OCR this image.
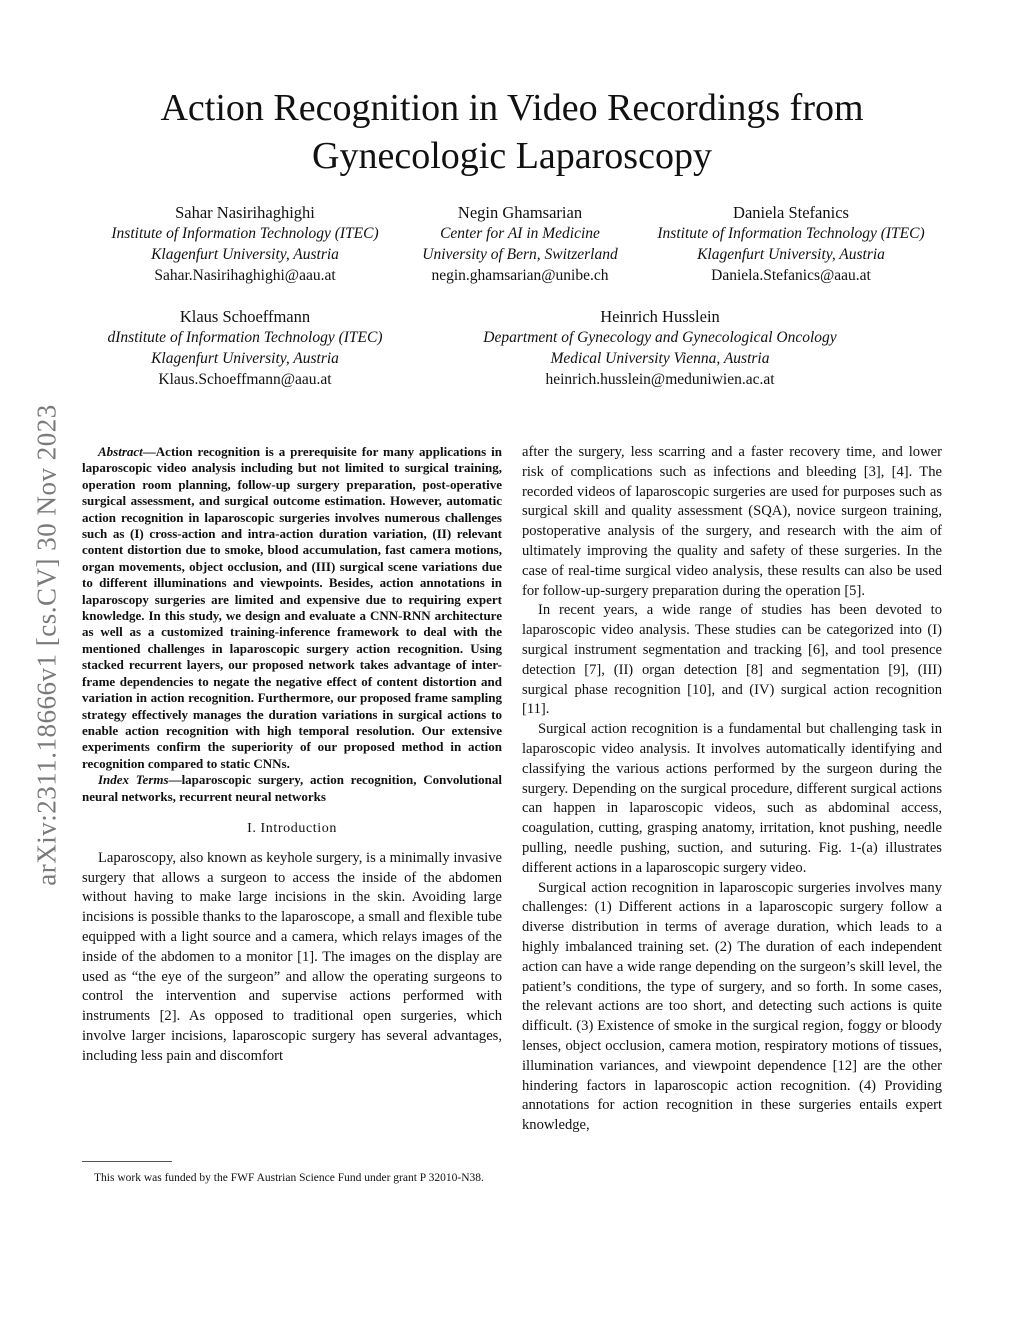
arXiv:2311.18666v1 [cs.CV] 30 Nov 2023
Action Recognition in Video Recordings from Gynecologic Laparoscopy
Sahar Nasirihaghighi
Institute of Information Technology (ITEC)
Klagenfurt University, Austria
Sahar.Nasirihaghighi@aau.at
Negin Ghamsarian
Center for AI in Medicine
University of Bern, Switzerland
negin.ghamsarian@unibe.ch
Daniela Stefanics
Institute of Information Technology (ITEC)
Klagenfurt University, Austria
Daniela.Stefanics@aau.at
Klaus Schoeffmann
dInstitute of Information Technology (ITEC)
Klagenfurt University, Austria
Klaus.Schoeffmann@aau.at
Heinrich Husslein
Department of Gynecology and Gynecological Oncology
Medical University Vienna, Austria
heinrich.husslein@meduniwien.ac.at

Abstract—Action recognition is a prerequisite for many applications in laparoscopic video analysis including but not limited to surgical training, operation room planning, follow-up surgery preparation, post-operative surgical assessment, and surgical outcome estimation. However, automatic action recognition in laparoscopic surgeries involves numerous challenges such as (I) cross-action and intra-action duration variation, (II) relevant content distortion due to smoke, blood accumulation, fast camera motions, organ movements, object occlusion, and (III) surgical scene variations due to different illuminations and viewpoints. Besides, action annotations in laparoscopy surgeries are limited and expensive due to requiring expert knowledge. In this study, we design and evaluate a CNN-RNN architecture as well as a customized training-inference framework to deal with the mentioned challenges in laparoscopic surgery action recognition. Using stacked recurrent layers, our proposed network takes advantage of inter-frame dependencies to negate the negative effect of content distortion and variation in action recognition. Furthermore, our proposed frame sampling strategy effectively manages the duration variations in surgical actions to enable action recognition with high temporal resolution. Our extensive experiments confirm the superiority of our proposed method in action recognition compared to static CNNs.

Index Terms—laparoscopic surgery, action recognition, Convolutional neural networks, recurrent neural networks

I. Introduction

Laparoscopy, also known as keyhole surgery, is a minimally invasive surgery that allows a surgeon to access the inside of the abdomen without having to make large incisions in the skin. Avoiding large incisions is possible thanks to the laparoscope, a small and flexible tube equipped with a light source and a camera, which relays images of the inside of the abdomen to a monitor [1]. The images on the display are used as “the eye of the surgeon” and allow the operating surgeons to control the intervention and supervise actions performed with instruments [2]. As opposed to traditional open surgeries, which involve larger incisions, laparoscopic surgery has several advantages, including less pain and discomfort

This work was funded by the FWF Austrian Science Fund under grant P 32010-N38.

after the surgery, less scarring and a faster recovery time, and lower risk of complications such as infections and bleeding [3], [4]. The recorded videos of laparoscopic surgeries are used for purposes such as surgical skill and quality assessment (SQA), novice surgeon training, postoperative analysis of the surgery, and research with the aim of ultimately improving the quality and safety of these surgeries. In the case of real-time surgical video analysis, these results can also be used for follow-up-surgery preparation during the operation [5].

In recent years, a wide range of studies has been devoted to laparoscopic video analysis. These studies can be categorized into (I) surgical instrument segmentation and tracking [6], and tool presence detection [7], (II) organ detection [8] and segmentation [9], (III) surgical phase recognition [10], and (IV) surgical action recognition [11].

Surgical action recognition is a fundamental but challenging task in laparoscopic video analysis. It involves automatically identifying and classifying the various actions performed by the surgeon during the surgery. Depending on the surgical procedure, different surgical actions can happen in laparoscopic videos, such as abdominal access, coagulation, cutting, grasping anatomy, irritation, knot pushing, needle pulling, needle pushing, suction, and suturing. Fig. 1-(a) illustrates different actions in a laparoscopic surgery video.

Surgical action recognition in laparoscopic surgeries involves many challenges: (1) Different actions in a laparoscopic surgery follow a diverse distribution in terms of average duration, which leads to a highly imbalanced training set. (2) The duration of each independent action can have a wide range depending on the surgeon’s skill level, the patient’s conditions, the type of surgery, and so forth. In some cases, the relevant actions are too short, and detecting such actions is quite difficult. (3) Existence of smoke in the surgical region, foggy or bloody lenses, object occlusion, camera motion, respiratory motions of tissues, illumination variances, and viewpoint dependence [12] are the other hindering factors in laparoscopic action recognition. (4) Providing annotations for action recognition in these surgeries entails expert knowledge,
